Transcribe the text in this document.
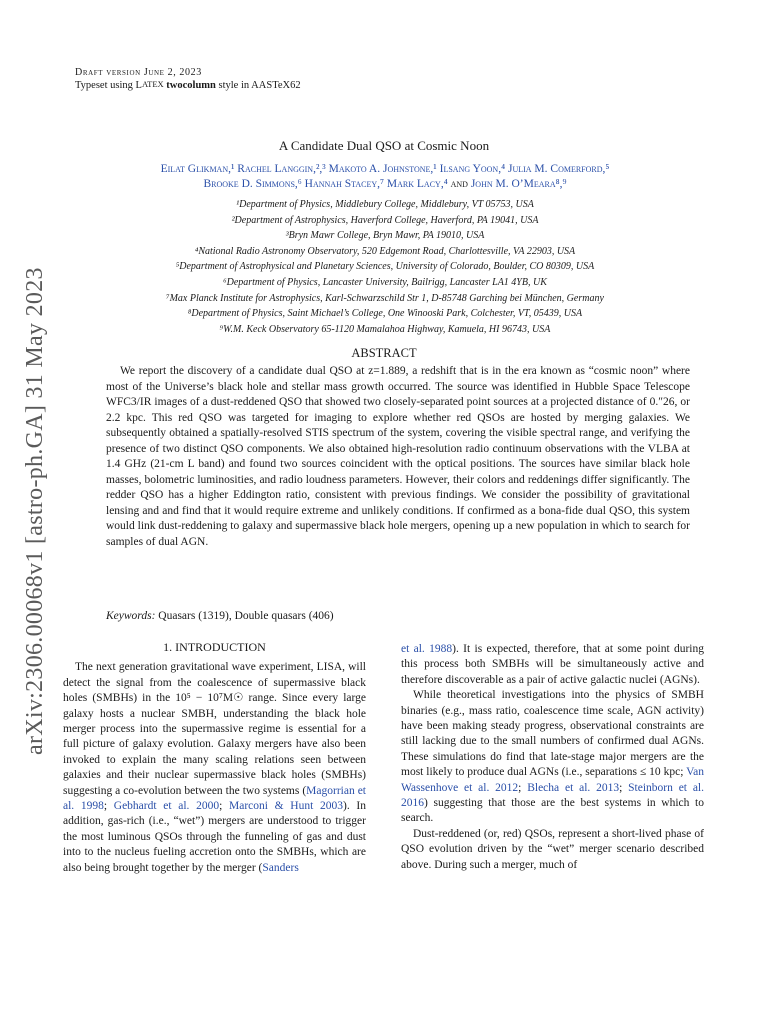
Draft version June 2, 2023
Typeset using LATEX twocolumn style in AASTeX62
arXiv:2306.00068v1 [astro-ph.GA] 31 May 2023
A Candidate Dual QSO at Cosmic Noon
Eilat Glikman,¹ Rachel Langgin,²,³ Makoto A. Johnstone,¹ Ilsang Yoon,⁴ Julia M. Comerford,⁵
Brooke D. Simmons,⁶ Hannah Stacey,⁷ Mark Lacy,⁴ and John M. O’Meara⁸,⁹
¹Department of Physics, Middlebury College, Middlebury, VT 05753, USA
²Department of Astrophysics, Haverford College, Haverford, PA 19041, USA
³Bryn Mawr College, Bryn Mawr, PA 19010, USA
⁴National Radio Astronomy Observatory, 520 Edgemont Road, Charlottesville, VA 22903, USA
⁵Department of Astrophysical and Planetary Sciences, University of Colorado, Boulder, CO 80309, USA
⁶Department of Physics, Lancaster University, Bailrigg, Lancaster LA1 4YB, UK
⁷Max Planck Institute for Astrophysics, Karl-Schwarzschild Str 1, D-85748 Garching bei München, Germany
⁸Department of Physics, Saint Michael’s College, One Winooski Park, Colchester, VT, 05439, USA
⁹W.M. Keck Observatory 65-1120 Mamalahoa Highway, Kamuela, HI 96743, USA
ABSTRACT
We report the discovery of a candidate dual QSO at z=1.889, a redshift that is in the era known as “cosmic noon” where most of the Universe’s black hole and stellar mass growth occurred. The source was identified in Hubble Space Telescope WFC3/IR images of a dust-reddened QSO that showed two closely-separated point sources at a projected distance of 0.″26, or 2.2 kpc. This red QSO was targeted for imaging to explore whether red QSOs are hosted by merging galaxies. We subsequently obtained a spatially-resolved STIS spectrum of the system, covering the visible spectral range, and verifying the presence of two distinct QSO components. We also obtained high-resolution radio continuum observations with the VLBA at 1.4 GHz (21-cm L band) and found two sources coincident with the optical positions. The sources have similar black hole masses, bolometric luminosities, and radio loudness parameters. However, their colors and reddenings differ significantly. The redder QSO has a higher Eddington ratio, consistent with previous findings. We consider the possibility of gravitational lensing and and find that it would require extreme and unlikely conditions. If confirmed as a bona-fide dual QSO, this system would link dust-reddening to galaxy and supermassive black hole mergers, opening up a new population in which to search for samples of dual AGN.
Keywords: Quasars (1319), Double quasars (406)
1. INTRODUCTION

The next generation gravitational wave experiment, LISA, will detect the signal from the coalescence of supermassive black holes (SMBHs) in the 10⁵ − 10⁷M☉ range. Since every large galaxy hosts a nuclear SMBH, understanding the black hole merger process into the supermassive regime is essential for a full picture of galaxy evolution. Galaxy mergers have also been invoked to explain the many scaling relations seen between galaxies and their nuclear supermassive black holes (SMBHs) suggesting a co-evolution between the two systems (Magorrian et al. 1998; Gebhardt et al. 2000; Marconi & Hunt 2003). In addition, gas-rich (i.e., “wet”) mergers are understood to trigger the most luminous QSOs through the funneling of gas and dust into to the nucleus fueling accretion onto the SMBHs, which are also being brought together by the merger (Sanders

et al. 1988). It is expected, therefore, that at some point during this process both SMBHs will be simultaneously active and therefore discoverable as a pair of active galactic nuclei (AGNs).

While theoretical investigations into the physics of SMBH binaries (e.g., mass ratio, coalescence time scale, AGN activity) have been making steady progress, observational constraints are still lacking due to the small numbers of confirmed dual AGNs. These simulations do find that late-stage major mergers are the most likely to produce dual AGNs (i.e., separations ≤ 10 kpc; Van Wassenhove et al. 2012; Blecha et al. 2013; Steinborn et al. 2016) suggesting that those are the best systems in which to search.

Dust-reddened (or, red) QSOs, represent a short-lived phase of QSO evolution driven by the “wet” merger scenario described above. During such a merger, much of
